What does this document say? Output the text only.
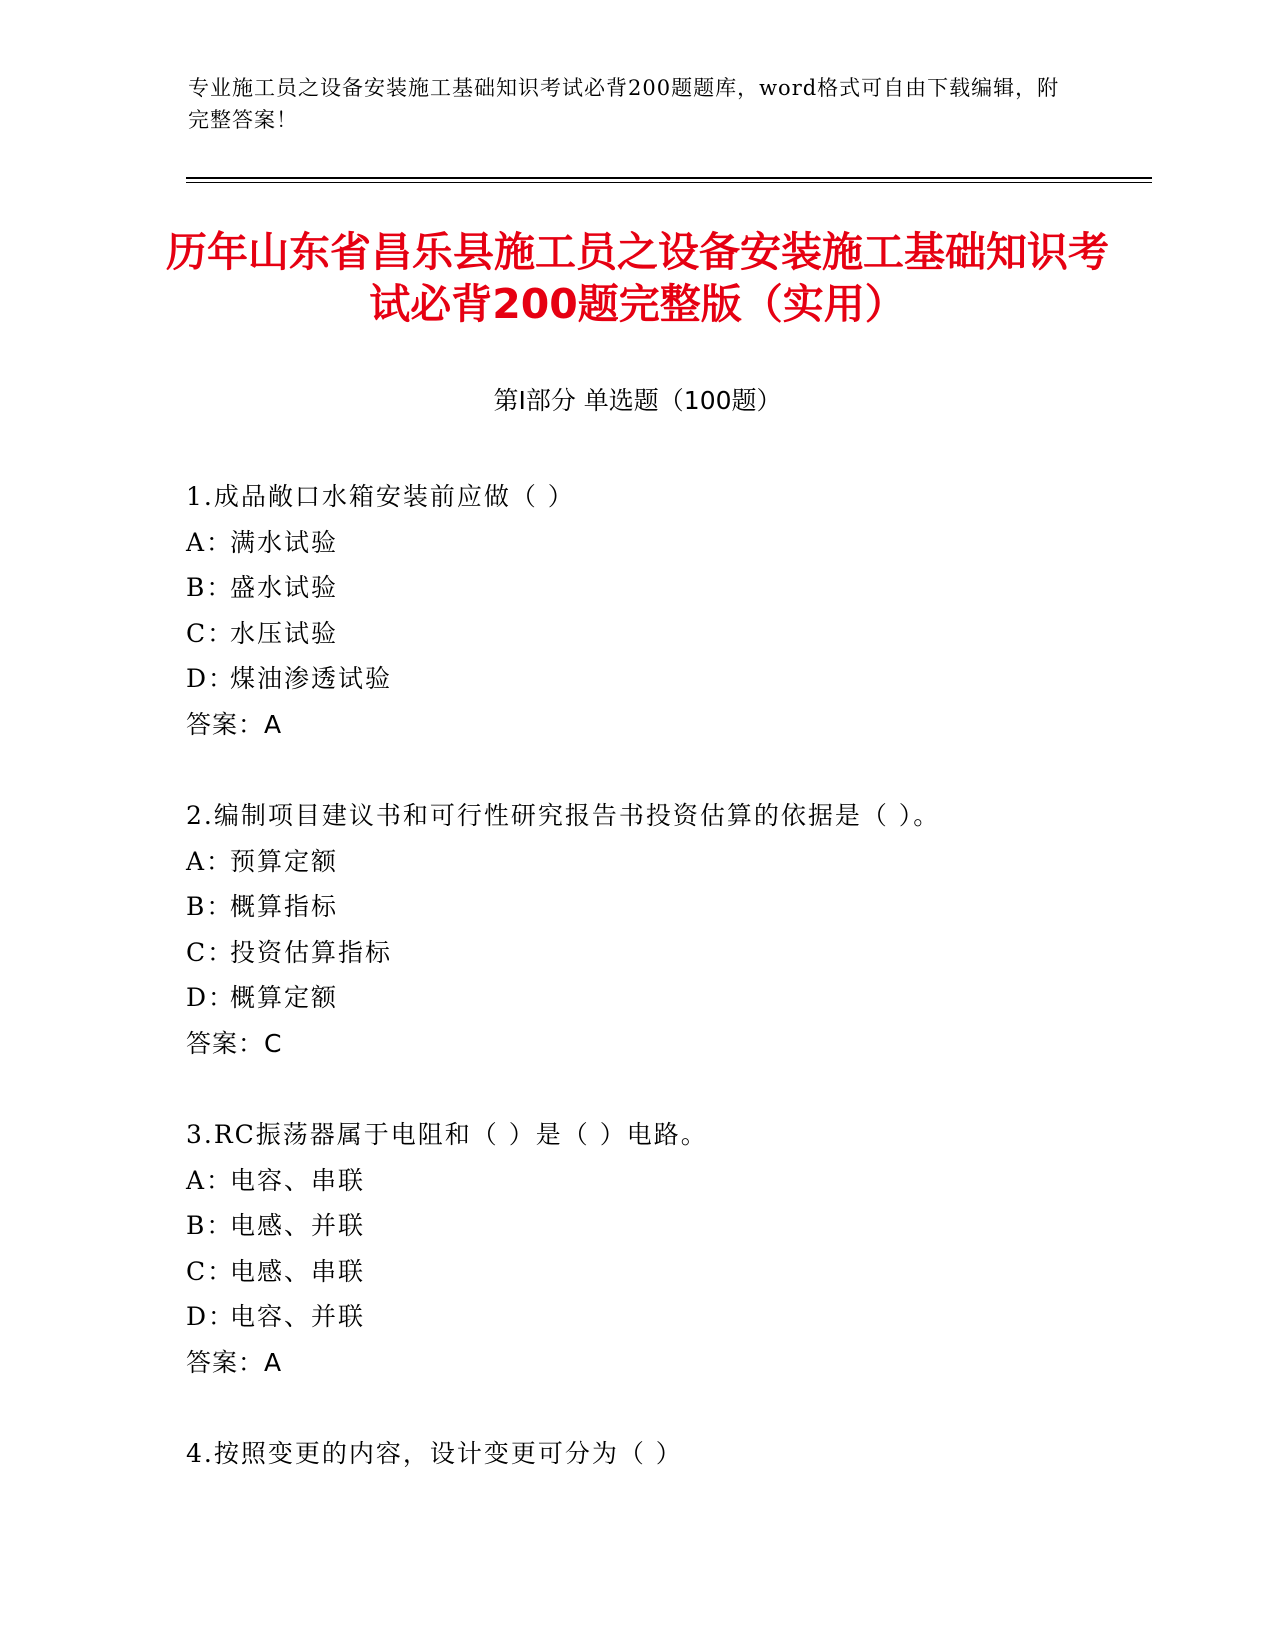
专业施工员之设备安装施工基础知识考试必背200题题库，word格式可自由下载编辑，附完整答案！
历年山东省昌乐县施工员之设备安装施工基础知识考试必背200题完整版（实用）
第Ⅰ部分 单选题（100题）
1.成品敞口水箱安装前应做（ ）
A：满水试验
B：盛水试验
C：水压试验
D：煤油渗透试验
答案：A
2.编制项目建议书和可行性研究报告书投资估算的依据是（ ）。
A：预算定额
B：概算指标
C：投资估算指标
D：概算定额
答案：C
3.RC振荡器属于电阻和（ ）是（ ）电路。
A：电容、串联
B：电感、并联
C：电感、串联
D：电容、并联
答案：A
4.按照变更的内容，设计变更可分为（ ）
